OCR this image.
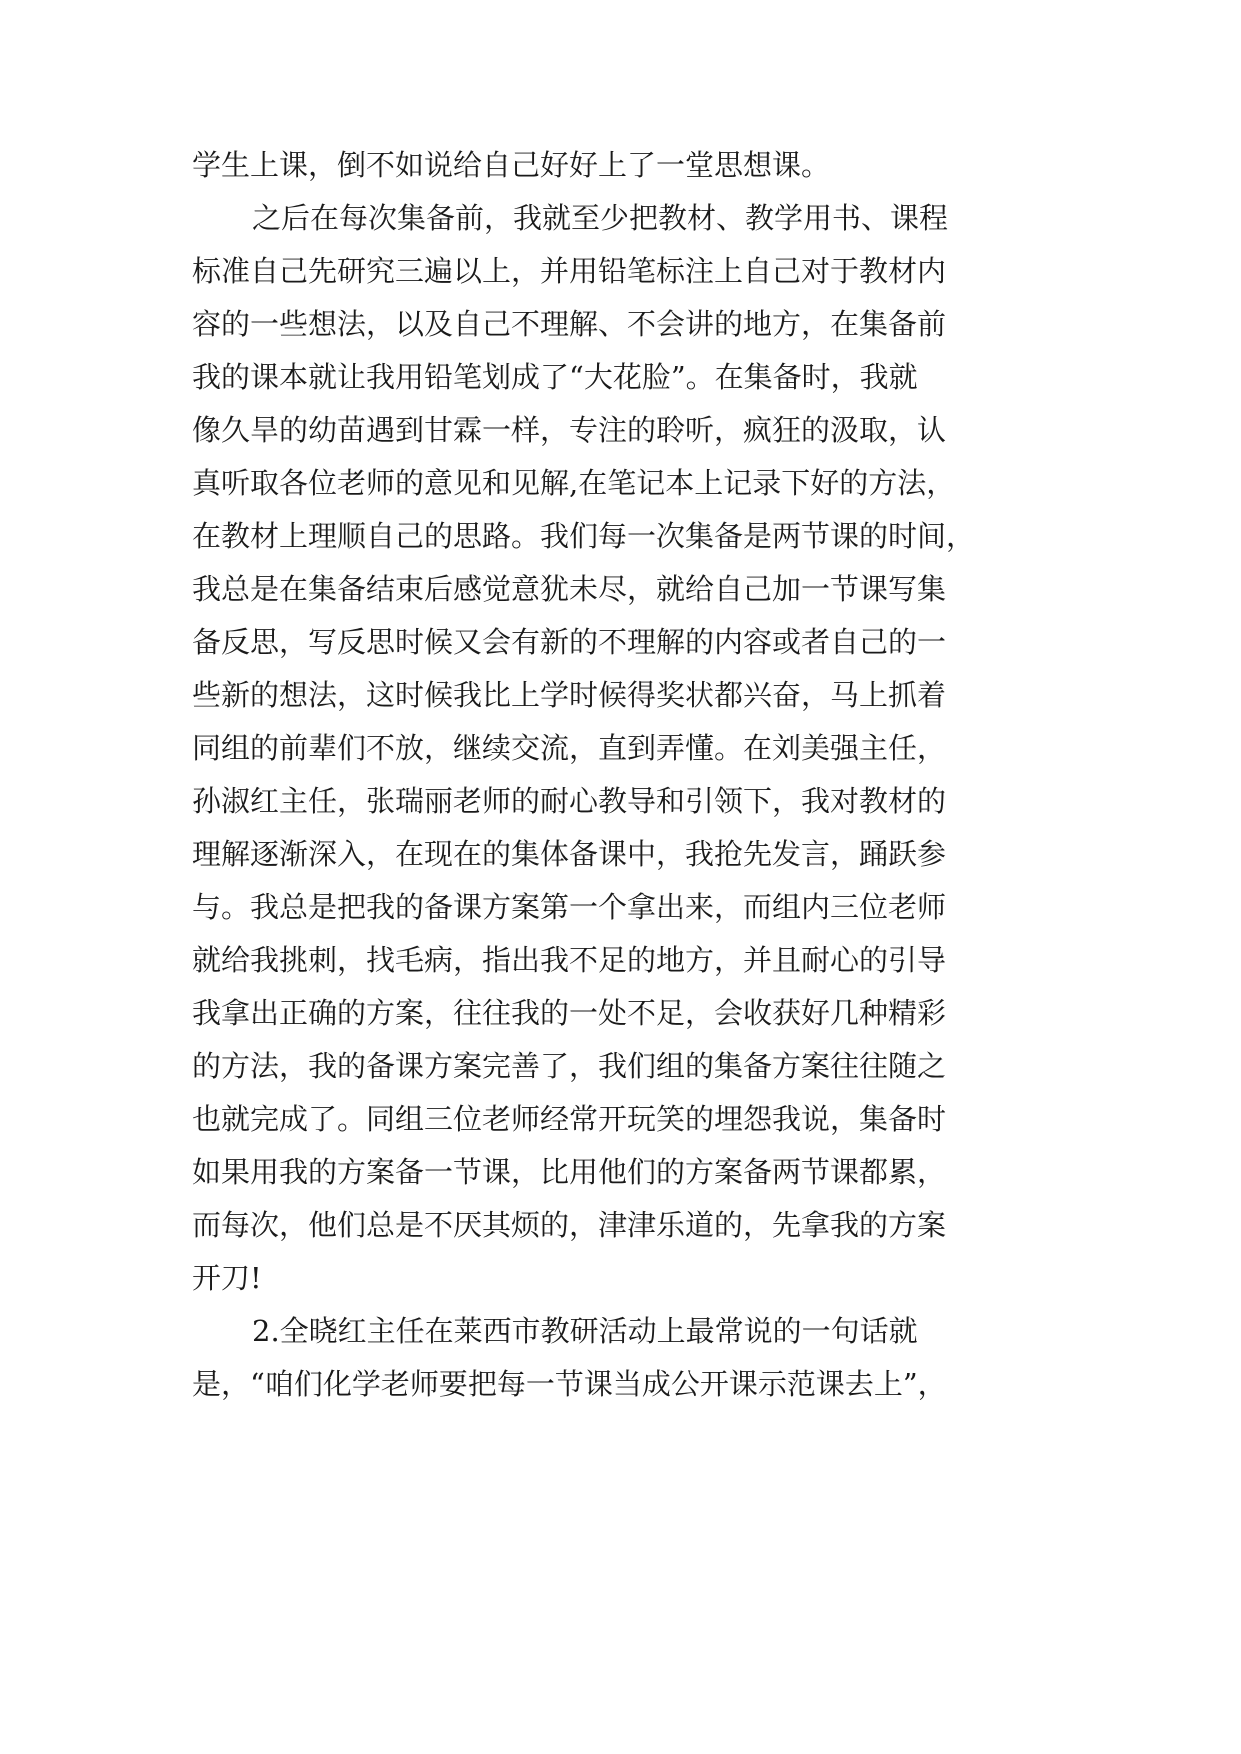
学生上课，倒不如说给自己好好上了一堂思想课。
之后在每次集备前，我就至少把教材、教学用书、课程
标准自己先研究三遍以上，并用铅笔标注上自己对于教材内
容的一些想法，以及自己不理解、不会讲的地方，在集备前
我的课本就让我用铅笔划成了“大花脸”。在集备时，我就
像久旱的幼苗遇到甘霖一样，专注的聆听，疯狂的汲取，认
真听取各位老师的意见和见解,在笔记本上记录下好的方法，
在教材上理顺自己的思路。我们每一次集备是两节课的时间，
我总是在集备结束后感觉意犹未尽，就给自己加一节课写集
备反思，写反思时候又会有新的不理解的内容或者自己的一
些新的想法，这时候我比上学时候得奖状都兴奋，马上抓着
同组的前辈们不放，继续交流，直到弄懂。在刘美强主任，
孙淑红主任，张瑞丽老师的耐心教导和引领下，我对教材的
理解逐渐深入，在现在的集体备课中，我抢先发言，踊跃参
与。我总是把我的备课方案第一个拿出来，而组内三位老师
就给我挑刺，找毛病，指出我不足的地方，并且耐心的引导
我拿出正确的方案，往往我的一处不足，会收获好几种精彩
的方法，我的备课方案完善了，我们组的集备方案往往随之
也就完成了。同组三位老师经常开玩笑的埋怨我说，集备时
如果用我的方案备一节课，比用他们的方案备两节课都累，
而每次，他们总是不厌其烦的，津津乐道的，先拿我的方案
开刀!
2.全晓红主任在莱西市教研活动上最常说的一句话就
是，“咱们化学老师要把每一节课当成公开课示范课去上”，
